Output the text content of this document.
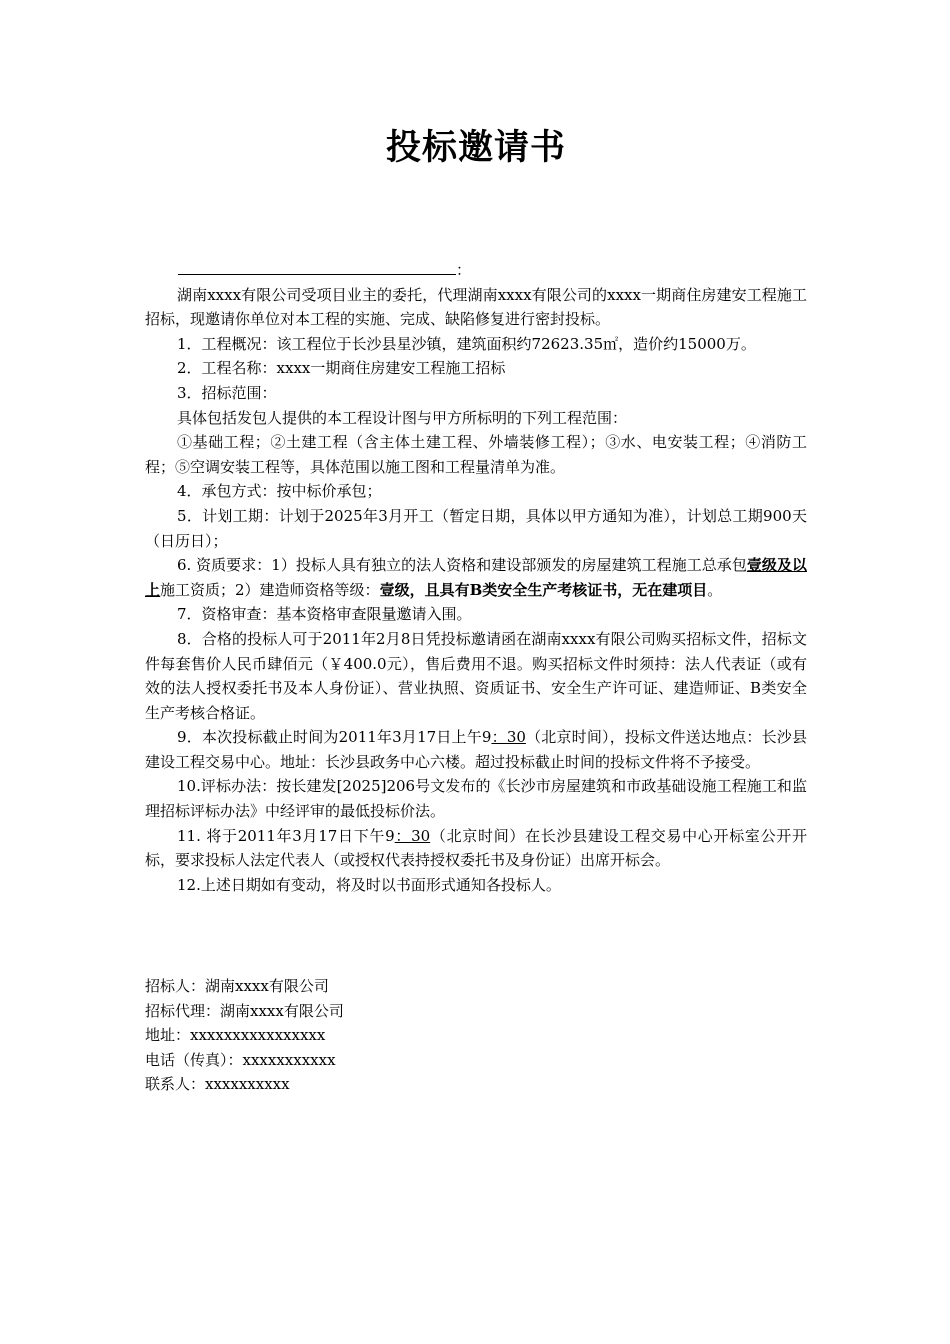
投标邀请书
：

湖南xxxx有限公司受项目业主的委托，代理湖南xxxx有限公司的xxxx一期商住房建安工程施工招标，现邀请你单位对本工程的实施、完成、缺陷修复进行密封投标。

1．工程概况：该工程位于长沙县星沙镇，建筑面积约72623.35㎡，造价约15000万。

2．工程名称：xxxx一期商住房建安工程施工招标

3．招标范围：

具体包括发包人提供的本工程设计图与甲方所标明的下列工程范围：

①基础工程；②土建工程（含主体土建工程、外墙装修工程）；③水、电安装工程；④消防工程；⑤空调安装工程等，具体范围以施工图和工程量清单为准。

4．承包方式：按中标价承包；

5．计划工期：计划于2025年3月开工（暂定日期，具体以甲方通知为准），计划总工期900天（日历日）；

6. 资质要求：1）投标人具有独立的法人资格和建设部颁发的房屋建筑工程施工总承包壹级及以上施工资质；2）建造师资格等级：壹级，且具有B类安全生产考核证书，无在建项目。

7．资格审查：基本资格审查限量邀请入围。

8．合格的投标人可于2011年2月8日凭投标邀请函在湖南xxxx有限公司购买招标文件，招标文件每套售价人民币肆佰元（￥400.0元），售后费用不退。购买招标文件时须持：法人代表证（或有效的法人授权委托书及本人身份证）、营业执照、资质证书、安全生产许可证、建造师证、B类安全生产考核合格证。

9．本次投标截止时间为2011年3月17日上午9：30（北京时间），投标文件送达地点：长沙县建设工程交易中心。地址：长沙县政务中心六楼。超过投标截止时间的投标文件将不予接受。

10.评标办法：按长建发[2025]206号文发布的《长沙市房屋建筑和市政基础设施工程施工和监理招标评标办法》中经评审的最低投标价法。

11. 将于2011年3月17日下午9：30（北京时间）在长沙县建设工程交易中心开标室公开开标，要求投标人法定代表人（或授权代表持授权委托书及身份证）出席开标会。

12.上述日期如有变动，将及时以书面形式通知各投标人。

招标人：湖南xxxx有限公司
招标代理：湖南xxxx有限公司
地址：xxxxxxxxxxxxxxxx
电话（传真）：xxxxxxxxxxx
联系人：xxxxxxxxxx
